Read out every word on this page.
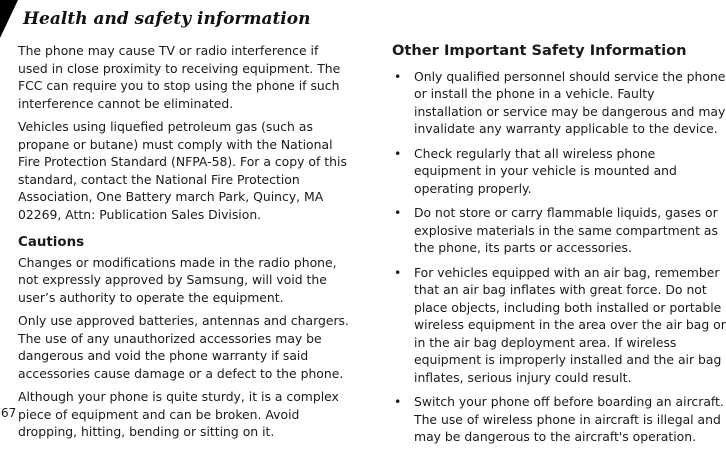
Health and safety information

The phone may cause TV or radio interference if used in close proximity to receiving equipment. The FCC can require you to stop using the phone if such interference cannot be eliminated.

Vehicles using liquefied petroleum gas (such as propane or butane) must comply with the National Fire Protection Standard (NFPA-58). For a copy of this standard, contact the National Fire Protection Association, One Battery march Park, Quincy, MA 02269, Attn: Publication Sales Division.

Cautions

Changes or modifications made in the radio phone, not expressly approved by Samsung, will void the user’s authority to operate the equipment.

Only use approved batteries, antennas and chargers. The use of any unauthorized accessories may be dangerous and void the phone warranty if said accessories cause damage or a defect to the phone.

Although your phone is quite sturdy, it is a complex piece of equipment and can be broken. Avoid dropping, hitting, bending or sitting on it.

Other Important Safety Information
• Only qualified personnel should service the phone or install the phone in a vehicle. Faulty installation or service may be dangerous and may invalidate any warranty applicable to the device.
• Check regularly that all wireless phone equipment in your vehicle is mounted and operating properly.
• Do not store or carry flammable liquids, gases or explosive materials in the same compartment as the phone, its parts or accessories.
• For vehicles equipped with an air bag, remember that an air bag inflates with great force. Do not place objects, including both installed or portable wireless equipment in the area over the air bag or in the air bag deployment area. If wireless equipment is improperly installed and the air bag inflates, serious injury could result.
• Switch your phone off before boarding an aircraft. The use of wireless phone in aircraft is illegal and may be dangerous to the aircraft's operation.
67
